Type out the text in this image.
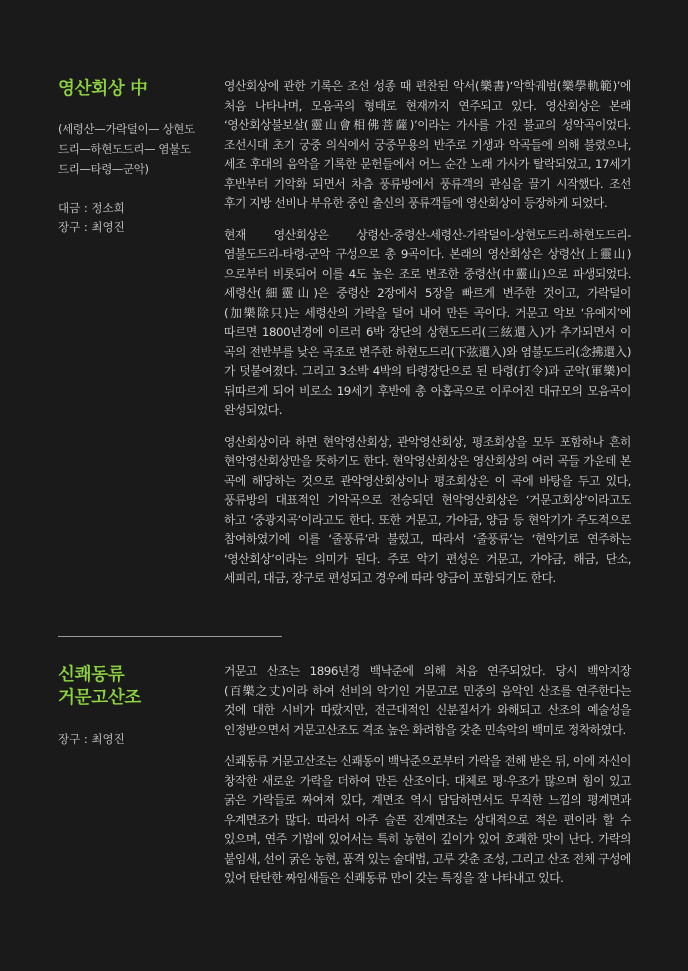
영산회상 中

(세령산—가락덜이— 상현도드리—하현도드리— 염불도드리—타령—군악)

대금 : 정소희
장구 : 최영진

영산회상에 관한 기록은 조선 성종 때 편찬된 악서(樂書)‘악학궤범(樂學軌範)’에 처음 나타나며, 모음곡의 형태로 현재까지 연주되고 있다. 영산회상은 본래 ‘영산회상불보살(靈山會相佛菩薩)’이라는 가사를 가진 불교의 성악곡이었다. 조선시대 초기 궁중 의식에서 궁중무용의 반주로 기생과 악곡들에 의해 불렸으나, 세조 후대의 음악을 기록한 문헌들에서 어느 순간 노래 가사가 탈락되었고, 17세기 후반부터 기악화 되면서 차츰 풍류방에서 풍류객의 관심을 끌기 시작했다. 조선 후기 지방 선비나 부유한 중인 출신의 풍류객들에 영산회상이 등장하게 되었다.

현재 영산회상은 상령산-중령산-세령산-가락덜이-상현도드리-하현도드리-염불도드리-타령-군악 구성으로 총 9곡이다. 본래의 영산회상은 상령산(上靈山)으로부터 비롯되어 이를 4도 높은 조로 변조한 중령산(中靈山)으로 파생되었다. 세령산(細靈山)은 중령산 2장에서 5장을 빠르게 변주한 것이고, 가락덜이(加樂除只)는 세령산의 가락을 덜어 내어 만든 곡이다. 거문고 악보 ‘유예지’에 따르면 1800년경에 이르러 6박 장단의 상현도드리(三絃還入)가 추가되면서 이 곡의 전반부를 낮은 곡조로 변주한 하현도드리(下弦還入)와 염불도드리(念拂還入)가 덧붙여졌다. 그리고 3소박 4박의 타령장단으로 된 타령(打令)과 군악(軍樂)이 뒤따르게 되어 비로소 19세기 후반에 총 아홉곡으로 이루어진 대규모의 모음곡이 완성되었다.

영산회상이라 하면 현악영산회상, 관악영산회상, 평조회상을 모두 포함하나 흔히 현악영산회상만을 뜻하기도 한다. 현악영산회상은 영산회상의 여러 곡들 가운데 본 곡에 해당하는 것으로 관악영산회상이나 평조회상은 이 곡에 바탕을 두고 있다, 풍류방의 대표적인 기악곡으로 전승되던 현악영산회상은 ‘거문고회상’이라고도 하고 ‘중광지곡’이라고도 한다. 또한 거문고, 가야금, 양금 등 현악기가 주도적으로 참여하였기에 이를 ‘줄풍류’라 불렀고, 따라서 ‘줄풍류’는 ‘현악기로 연주하는 ‘영산회상’이라는 의미가 된다. 주로 악기 편성은 거문고, 가야금, 해금, 단소, 세피리, 대금, 장구로 편성되고 경우에 따라 양금이 포함되기도 한다.

신쾌동류
거문고산조
장구 : 최영진

거문고 산조는 1896년경 백낙준에 의해 처음 연주되었다. 당시 백악지장(百樂之丈)이라 하여 선비의 악기인 거문고로 민중의 음악인 산조를 연주한다는 것에 대한 시비가 따랐지만, 전근대적인 신분질서가 와해되고 산조의 예술성을 인정받으면서 거문고산조도 격조 높은 화려함을 갖춘 민속악의 백미로 정착하였다.

신쾌동류 거문고산조는 신쾌동이 백낙준으로부터 가락을 전해 받은 뒤, 이에 자신이 창작한 새로운 가락을 더하여 만든 산조이다. 대체로 평·우조가 많으며 힘이 있고 굵은 가락들로 짜여져 있다, 계면조 역시 담담하면서도 무직한 느낌의 평계면과 우계면조가 많다. 따라서 아주 슬픈 진계면조는 상대적으로 적은 편이라 할 수 있으며, 연주 기법에 있어서는 특히 농현이 깊이가 있어 호쾌한 맛이 난다. 가락의 붙임새, 선이 굵은 농현, 품격 있는 술대법, 고루 갖춘 조성, 그리고 산조 전체 구성에 있어 탄탄한 짜임새들은 신쾌동류 만이 갖는 특징을 잘 나타내고 있다.
